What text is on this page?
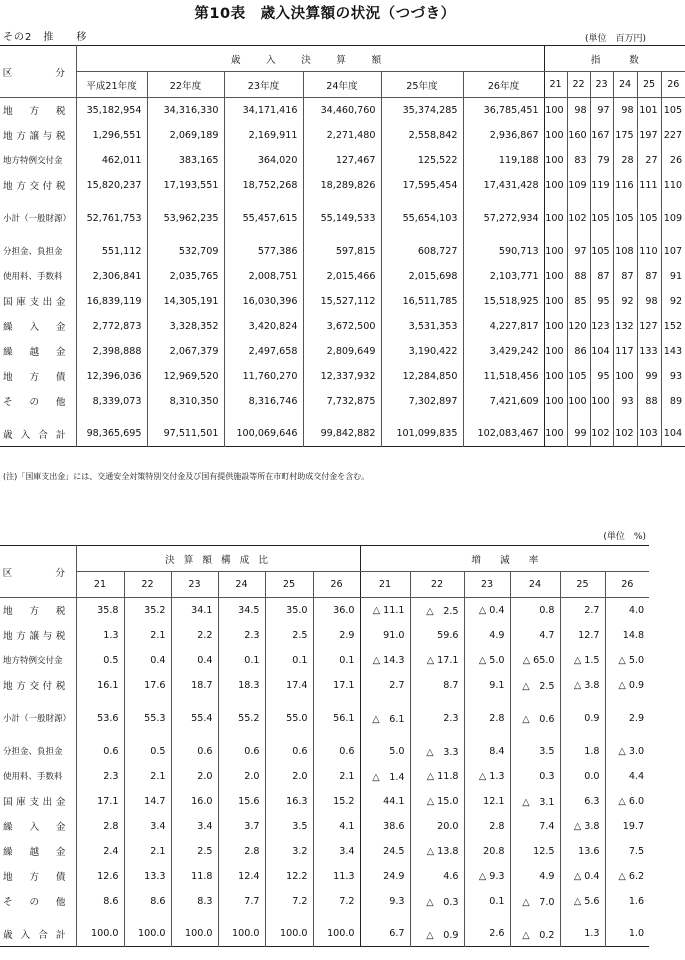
第10表　歳入決算額の状況（つづき）
その2　推　　移	(単位　百万円)
区　　分	歳　入　決　算　額						指　　　数					
	平成21年度	22年度	23年度	24年度	25年度	26年度	21	22	23	24	25	26
地　方　税	35,182,954	34,316,330	34,171,416	34,460,760	35,374,285	36,785,451	100	98	97	98	101	105
地方譲与税	1,296,551	2,069,189	2,169,911	2,271,480	2,558,842	2,936,867	100	160	167	175	197	227
地方特例交付金	462,011	383,165	364,020	127,467	125,522	119,188	100	83	79	28	27	26
地方交付税	15,820,237	17,193,551	18,752,268	18,289,826	17,595,454	17,431,428	100	109	119	116	111	110

小計（一般財源）	52,761,753	53,962,235	55,457,615	55,149,533	55,654,103	57,272,934	100	102	105	105	105	109

分担金、負担金	551,112	532,709	577,386	597,815	608,727	590,713	100	97	105	108	110	107
使用料、手数料	2,306,841	2,035,765	2,008,751	2,015,466	2,015,698	2,103,771	100	88	87	87	87	91
国庫支出金	16,839,119	14,305,191	16,030,396	15,527,112	16,511,785	15,518,925	100	85	95	92	98	92
繰　入　金	2,772,873	3,328,352	3,420,824	3,672,500	3,531,353	4,227,817	100	120	123	132	127	152
繰　越　金	2,398,888	2,067,379	2,497,658	2,809,649	3,190,422	3,429,242	100	86	104	117	133	143
地　方　債	12,396,036	12,969,520	11,760,270	12,337,932	12,284,850	11,518,456	100	105	95	100	99	93
そ　の　他	8,339,073	8,310,350	8,316,746	7,732,875	7,302,897	7,421,609	100	100	100	93	88	89

歳入合計	98,365,695	97,511,501	100,069,646	99,842,882	101,099,835	102,083,467	100	99	102	102	103	104
(注)「国庫支出金」には、交通安全対策特別交付金及び国有提供施設等所在市町村助成交付金を含む。
(単位　%)
区　　分	決 算 額 構 成 比						増　　減　　率					
	21	22	23	24	25	26	21	22	23	24	25	26
地　方　税	35.8	35.2	34.1	34.5	35.0	36.0	△ 11.1	△　2.5	△ 0.4	0.8	2.7	4.0
地方譲与税	1.3	2.1	2.2	2.3	2.5	2.9	91.0	59.6	4.9	4.7	12.7	14.8
地方特例交付金	0.5	0.4	0.4	0.1	0.1	0.1	△ 14.3	△ 17.1	△ 5.0	△ 65.0	△ 1.5	△ 5.0
地方交付税	16.1	17.6	18.7	18.3	17.4	17.1	2.7	8.7	9.1	△　2.5	△ 3.8	△ 0.9

小計（一般財源）	53.6	55.3	55.4	55.2	55.0	56.1	△　6.1	2.3	2.8	△　0.6	0.9	2.9

分担金、負担金	0.6	0.5	0.6	0.6	0.6	0.6	5.0	△　3.3	8.4	3.5	1.8	△ 3.0
使用料、手数料	2.3	2.1	2.0	2.0	2.0	2.1	△　1.4	△ 11.8	△ 1.3	0.3	0.0	4.4
国庫支出金	17.1	14.7	16.0	15.6	16.3	15.2	44.1	△ 15.0	12.1	△　3.1	6.3	△ 6.0
繰　入　金	2.8	3.4	3.4	3.7	3.5	4.1	38.6	20.0	2.8	7.4	△ 3.8	19.7
繰　越　金	2.4	2.1	2.5	2.8	3.2	3.4	24.5	△ 13.8	20.8	12.5	13.6	7.5
地　方　債	12.6	13.3	11.8	12.4	12.2	11.3	24.9	4.6	△ 9.3	4.9	△ 0.4	△ 6.2
そ　の　他	8.6	8.6	8.3	7.7	7.2	7.2	9.3	△　0.3	0.1	△　7.0	△ 5.6	1.6

歳入合計	100.0	100.0	100.0	100.0	100.0	100.0	6.7	△　0.9	2.6	△　0.2	1.3	1.0
